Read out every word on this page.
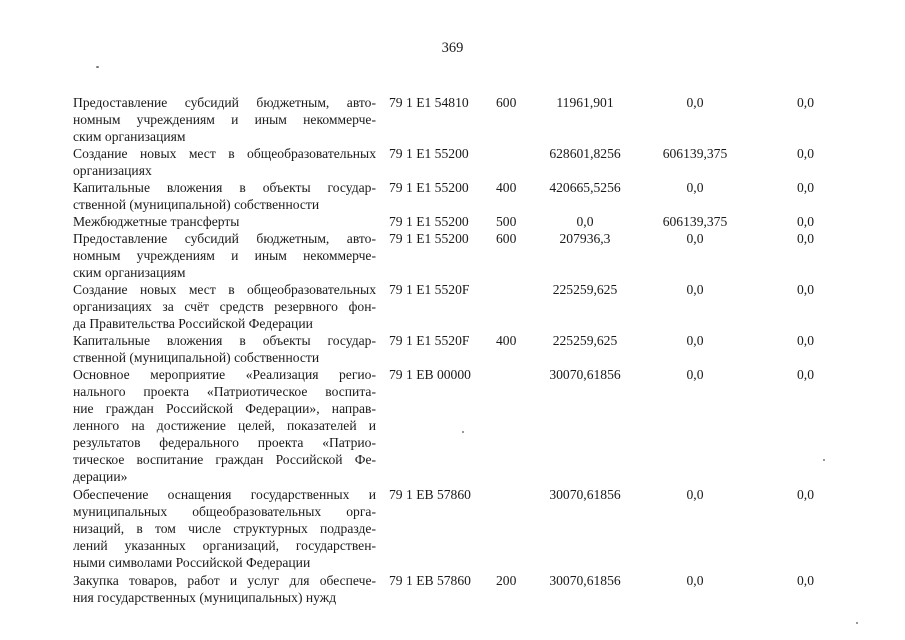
369
Предоставление субсидий бюджетным, авто-
номным учреждениям и иным некоммерче-
ским организациям
79 1 E1 54810 600	11961,901	0,0	0,0
Создание новых мест в общеобразовательных
организациях
79 1 E1 55200	628601,8256	606139,375	0,0
Капитальные вложения в объекты государ-
ственной (муниципальной) собственности
79 1 E1 55200 400	420665,5256	0,0	0,0
Межбюджетные трансферты	79 1 E1 55200 500	0,0	606139,375	0,0
Предоставление субсидий бюджетным, авто-
номным учреждениям и иным некоммерче-
ским организациям
79 1 E1 55200 600	207936,3	0,0	0,0
Создание новых мест в общеобразовательных
организациях за счёт средств резервного фон-
да Правительства Российской Федерации
79 1 E1 5520F	225259,625	0,0	0,0
Капитальные вложения в объекты государ-
ственной (муниципальной) собственности
79 1 E1 5520F 400	225259,625	0,0	0,0
Основное мероприятие «Реализация регио-
нального проекта «Патриотическое воспита-
ние граждан Российской Федерации», направ-
ленного на достижение целей, показателей и
результатов федерального проекта «Патрио-
тическое воспитание граждан Российской Фе-
дерации»
79 1 EB 00000	30070,61856	0,0	0,0
Обеспечение оснащения государственных и
муниципальных общеобразовательных орга-
низаций, в том числе структурных подразде-
лений указанных организаций, государствен-
ными символами Российской Федерации
79 1 EB 57860	30070,61856	0,0	0,0
Закупка товаров, работ и услуг для обеспече-
ния государственных (муниципальных) нужд
79 1 EB 57860 200	30070,61856	0,0	0,0
